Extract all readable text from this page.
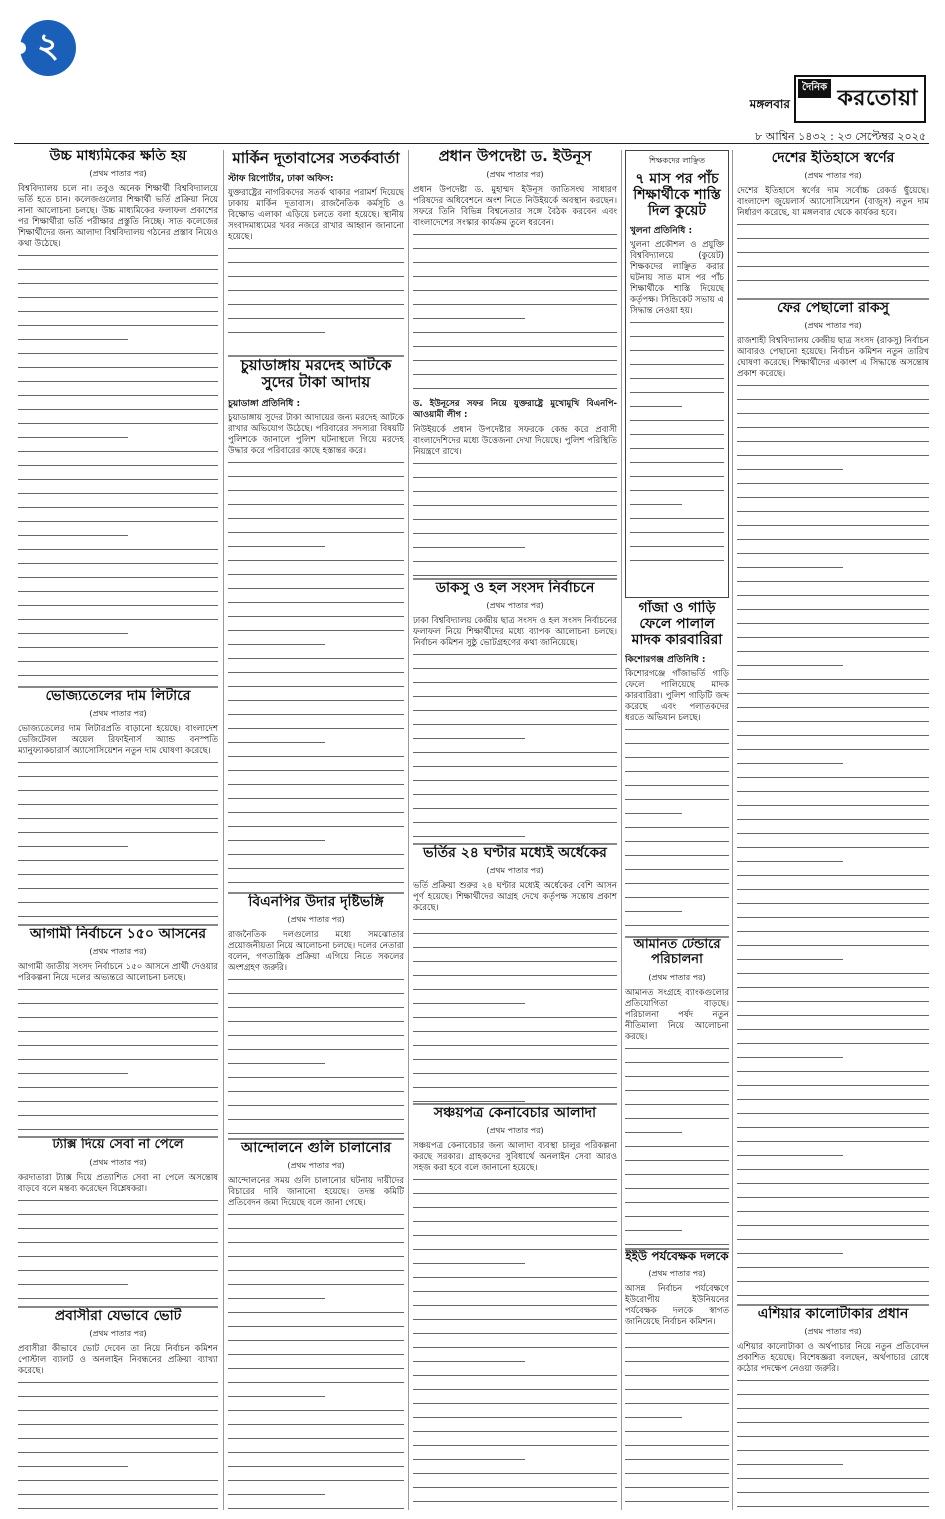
২
মঙ্গলবার
দৈনিক করতোয়া
৮ আশ্বিন ১৪৩২ : ২৩ সেপ্টেম্বর ২০২৫
উচ্চ মাধ্যমিকের ক্ষতি হয়
(প্রথম পাতার পর)

বিশ্ববিদ্যালয় চলে না। তবুও অনেক শিক্ষার্থী বিশ্ববিদ্যালয়ে ভর্তি হতে চান। কলেজগুলোর শিক্ষার্থী ভর্তি প্রক্রিয়া নিয়ে নানা আলোচনা চলছে। উচ্চ মাধ্যমিকের ফলাফল প্রকাশের পর শিক্ষার্থীরা ভর্তি পরীক্ষার প্রস্তুতি নিচ্ছে। সাত কলেজের শিক্ষার্থীদের জন্য আলাদা বিশ্ববিদ্যালয় গঠনের প্রস্তাব নিয়েও কথা উঠেছে।

ভোজ্যতেলের দাম লিটারে
(প্রথম পাতার পর)

ভোজ্যতেলের দাম লিটারপ্রতি বাড়ানো হয়েছে। বাংলাদেশ ভেজিটেবল অয়েল রিফাইনার্স অ্যান্ড বনস্পতি ম্যানুফ্যাকচারার্স অ্যাসোসিয়েশন নতুন দাম ঘোষণা করেছে।

আগামী নির্বাচনে ১৫০ আসনের
(প্রথম পাতার পর)

আগামী জাতীয় সংসদ নির্বাচনে ১৫০ আসনে প্রার্থী দেওয়ার পরিকল্পনা নিয়ে দলের অভ্যন্তরে আলোচনা চলছে।

ট্যাক্স দিয়ে সেবা না পেলে
(প্রথম পাতার পর)

করদাতারা ট্যাক্স দিয়ে প্রত্যাশিত সেবা না পেলে অসন্তোষ বাড়বে বলে মন্তব্য করেছেন বিশ্লেষকরা।

প্রবাসীরা যেভাবে ভোট
(প্রথম পাতার পর)

প্রবাসীরা কীভাবে ভোট দেবেন তা নিয়ে নির্বাচন কমিশন পোস্টাল ব্যালট ও অনলাইন নিবন্ধনের প্রক্রিয়া ব্যাখ্যা করেছে।

মার্কিন দূতাবাসের সতর্কবার্তা
স্টাফ রিপোর্টার, ঢাকা অফিস:

যুক্তরাষ্ট্রের নাগরিকদের সতর্ক থাকার পরামর্শ দিয়েছে ঢাকায় মার্কিন দূতাবাস। রাজনৈতিক কর্মসূচি ও বিক্ষোভ এলাকা এড়িয়ে চলতে বলা হয়েছে। স্থানীয় সংবাদমাধ্যমের খবর নজরে রাখার আহ্বান জানানো হয়েছে।

চুয়াডাঙ্গায় মরদেহ আটকে সুদের টাকা আদায়
চুয়াডাঙ্গা প্রতিনিধি :

চুয়াডাঙ্গায় সুদের টাকা আদায়ের জন্য মরদেহ আটকে রাখার অভিযোগ উঠেছে। পরিবারের সদস্যরা বিষয়টি পুলিশকে জানালে পুলিশ ঘটনাস্থলে গিয়ে মরদেহ উদ্ধার করে পরিবারের কাছে হস্তান্তর করে।

বিএনপির উদার দৃষ্টিভঙ্গি
(প্রথম পাতার পর)

রাজনৈতিক দলগুলোর মধ্যে সমঝোতার প্রয়োজনীয়তা নিয়ে আলোচনা চলছে। দলের নেতারা বলেন, গণতান্ত্রিক প্রক্রিয়া এগিয়ে নিতে সকলের অংশগ্রহণ জরুরি।

আন্দোলনে গুলি চালানোর
(প্রথম পাতার পর)

আন্দোলনের সময় গুলি চালানোর ঘটনায় দায়ীদের বিচারের দাবি জানানো হয়েছে। তদন্ত কমিটি প্রতিবেদন জমা দিয়েছে বলে জানা গেছে।

প্রধান উপদেষ্টা ড. ইউনূস
(প্রথম পাতার পর)

প্রধান উপদেষ্টা ড. মুহাম্মদ ইউনূস জাতিসংঘ সাধারণ পরিষদের অধিবেশনে অংশ নিতে নিউইয়র্কে অবস্থান করছেন। সফরে তিনি বিভিন্ন বিশ্বনেতার সঙ্গে বৈঠক করবেন এবং বাংলাদেশের সংস্কার কার্যক্রম তুলে ধরবেন।

ড. ইউনূসের সফর নিয়ে যুক্তরাষ্ট্রে মুখোমুখি বিএনপি-আওয়ামী লীগ :

নিউইয়র্কে প্রধান উপদেষ্টার সফরকে কেন্দ্র করে প্রবাসী বাংলাদেশিদের মধ্যে উত্তেজনা দেখা দিয়েছে। পুলিশ পরিস্থিতি নিয়ন্ত্রণে রাখে।

ডাকসু ও হল সংসদ নির্বাচনে
(প্রথম পাতার পর)

ঢাকা বিশ্ববিদ্যালয় কেন্দ্রীয় ছাত্র সংসদ ও হল সংসদ নির্বাচনের ফলাফল নিয়ে শিক্ষার্থীদের মধ্যে ব্যাপক আলোচনা চলছে। নির্বাচন কমিশন সুষ্ঠু ভোটগ্রহণের কথা জানিয়েছে।

ভর্তির ২৪ ঘণ্টার মধ্যেই অর্ধেকের
(প্রথম পাতার পর)

ভর্তি প্রক্রিয়া শুরুর ২৪ ঘণ্টার মধ্যেই অর্ধেকের বেশি আসন পূর্ণ হয়েছে। শিক্ষার্থীদের আগ্রহ দেখে কর্তৃপক্ষ সন্তোষ প্রকাশ করেছে।

সঞ্চয়পত্র কেনাবেচার আলাদা
(প্রথম পাতার পর)

সঞ্চয়পত্র কেনাবেচার জন্য আলাদা ব্যবস্থা চালুর পরিকল্পনা করছে সরকার। গ্রাহকদের সুবিধার্থে অনলাইন সেবা আরও সহজ করা হবে বলে জানানো হয়েছে।

শিক্ষকদের লাঞ্ছিত
৭ মাস পর পাঁচ শিক্ষার্থীকে শাস্তি দিল কুয়েট
খুলনা প্রতিনিধি :

খুলনা প্রকৌশল ও প্রযুক্তি বিশ্ববিদ্যালয়ে (কুয়েট) শিক্ষকদের লাঞ্ছিত করার ঘটনায় সাত মাস পর পাঁচ শিক্ষার্থীকে শাস্তি দিয়েছে কর্তৃপক্ষ। সিন্ডিকেট সভায় এ সিদ্ধান্ত নেওয়া হয়।

গাঁজা ও গাড়ি ফেলে পালাল মাদক কারবারিরা
কিশোরগঞ্জ প্রতিনিধি :

কিশোরগঞ্জে গাঁজাভর্তি গাড়ি ফেলে পালিয়েছে মাদক কারবারিরা। পুলিশ গাড়িটি জব্দ করেছে এবং পলাতকদের ধরতে অভিযান চলছে।

আমানত টেন্ডারে পরিচালনা
(প্রথম পাতার পর)

আমানত সংগ্রহে ব্যাংকগুলোর প্রতিযোগিতা বাড়ছে। পরিচালনা পর্ষদ নতুন নীতিমালা নিয়ে আলোচনা করছে।

ইইউ পর্যবেক্ষক দলকে
(প্রথম পাতার পর)

আসন্ন নির্বাচন পর্যবেক্ষণে ইউরোপীয় ইউনিয়নের পর্যবেক্ষক দলকে স্বাগত জানিয়েছে নির্বাচন কমিশন।

দেশের ইতিহাসে স্বর্ণের
(প্রথম পাতার পর)

দেশের ইতিহাসে স্বর্ণের দাম সর্বোচ্চ রেকর্ড ছুঁয়েছে। বাংলাদেশ জুয়েলার্স অ্যাসোসিয়েশন (বাজুস) নতুন দাম নির্ধারণ করেছে, যা মঙ্গলবার থেকে কার্যকর হবে।

ফের পেছালো রাকসু
(প্রথম পাতার পর)

রাজশাহী বিশ্ববিদ্যালয় কেন্দ্রীয় ছাত্র সংসদ (রাকসু) নির্বাচন আবারও পেছানো হয়েছে। নির্বাচন কমিশন নতুন তারিখ ঘোষণা করেছে। শিক্ষার্থীদের একাংশ এ সিদ্ধান্তে অসন্তোষ প্রকাশ করেছে।

এশিয়ার কালোটাকার প্রধান
(প্রথম পাতার পর)

এশিয়ার কালোটাকা ও অর্থপাচার নিয়ে নতুন প্রতিবেদন প্রকাশিত হয়েছে। বিশেষজ্ঞরা বলছেন, অর্থপাচার রোধে কঠোর পদক্ষেপ নেওয়া জরুরি।
